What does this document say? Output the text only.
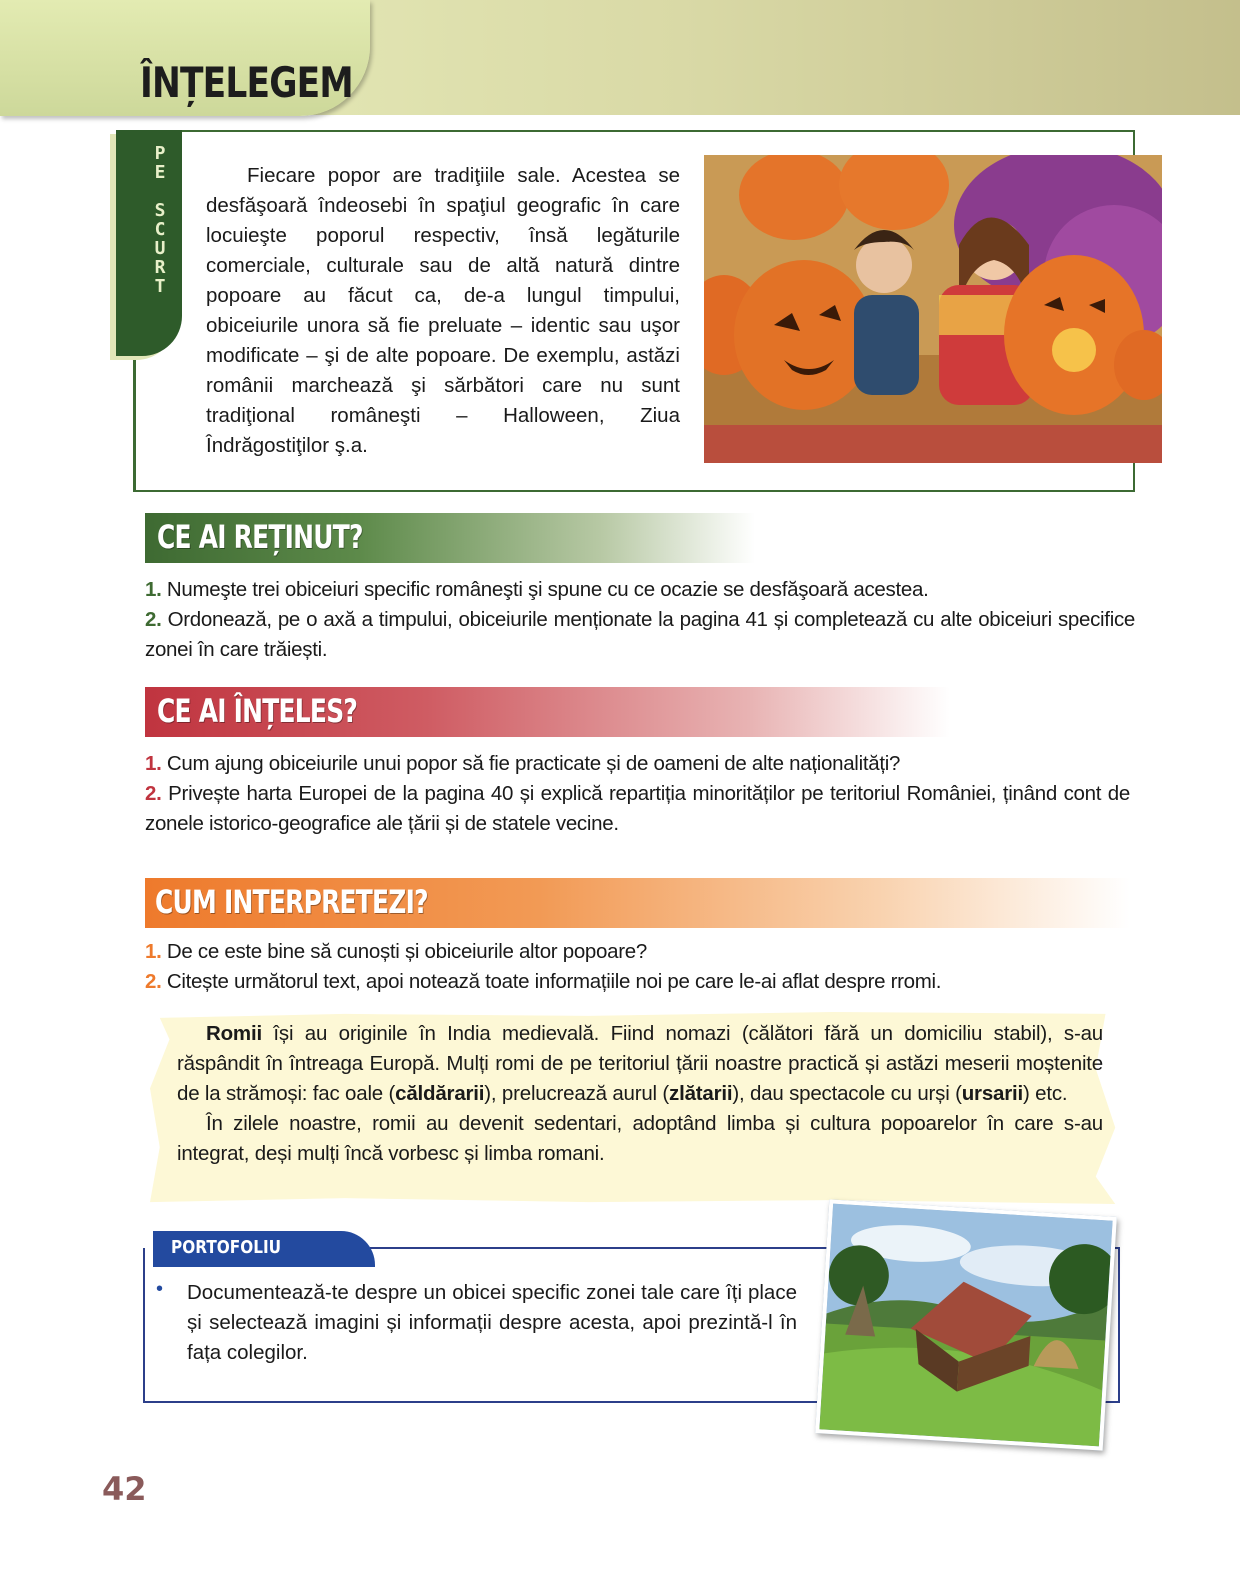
ÎNȚELEGEM
P
E
S
C
U
R
T

Fiecare popor are tradiţiile sale. Acestea se desfăşoară îndeosebi în spaţiul geografic în care locuieşte poporul respectiv, însă legăturile comerciale, culturale sau de altă natură dintre popoare au făcut ca, de-a lungul timpului, obiceiurile unora să fie preluate – identic sau uşor modificate – şi de alte popoare. De exemplu, astăzi românii marchează şi sărbători care nu sunt tradiţional româneşti – Halloween, Ziua Îndrăgostiţilor ş.a.

CE AI REȚINUT?
1. Numeşte trei obiceiuri specific româneşti şi spune cu ce ocazie se desfăşoară acestea.
2. Ordonează, pe o axă a timpului, obiceiurile menționate la pagina 41 și completează cu alte obiceiuri specifice zonei în care trăiești.
CE AI ÎNȚELES?
1. Cum ajung obiceiurile unui popor să fie practicate și de oameni de alte naționalități?
2. Privește harta Europei de la pagina 40 și explică repartiția minorităților pe teritoriul României, ținând cont de zonele istorico-geografice ale țării și de statele vecine.
CUM INTERPRETEZI?
1. De ce este bine să cunoști și obiceiurile altor popoare?
2. Citește următorul text, apoi notează toate informațiile noi pe care le-ai aflat despre rromi.

Romii își au originile în India medievală. Fiind nomazi (călători fără un domiciliu stabil), s-au răspândit în întreaga Europă. Mulți romi de pe teritoriul țării noastre practică și astăzi meserii moștenite de la strămoși: fac oale (căldărarii), prelucrează aurul (zlătarii), dau spectacole cu urși (ursarii) etc.

În zilele noastre, romii au devenit sedentari, adoptând limba și cultura popoarelor în care s-au integrat, deși mulți încă vorbesc și limba romani.

PORTOFOLIU
• Documentează-te despre un obicei specific zonei tale care îți place și selectează imagini și informații despre acesta, apoi prezintă-l în fața colegilor.
42
